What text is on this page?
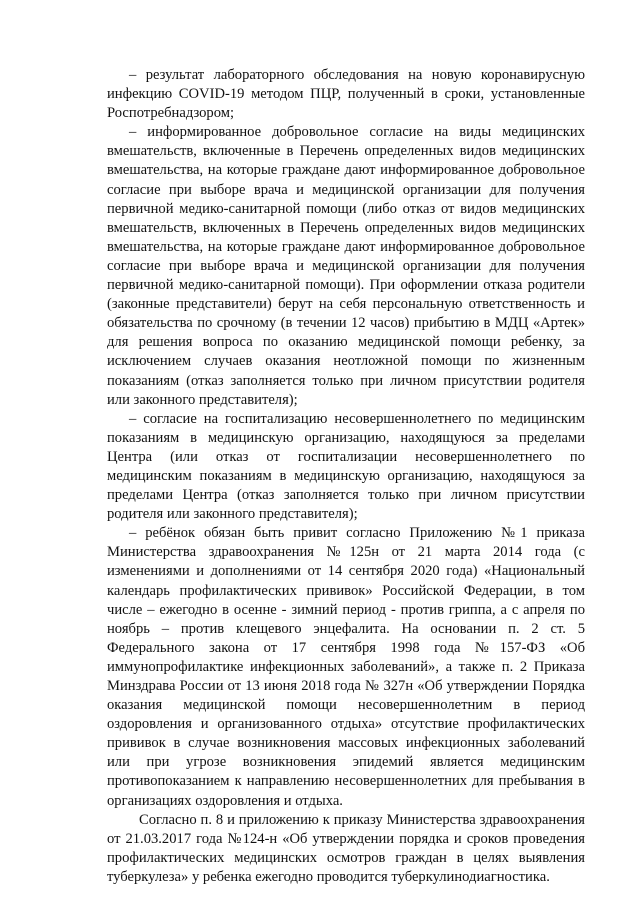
– результат лабораторного обследования на новую коронавирусную инфекцию COVID-19 методом ПЦР, полученный в сроки, установленные Роспотребнадзором;

– информированное добровольное согласие на виды медицинских вмешательств, включенные в Перечень определенных видов медицинских вмешательства, на которые граждане дают информированное добровольное согласие при выборе врача и медицинской организации для получения первичной медико-санитарной помощи (либо отказ от видов медицинских вмешательств, включенных в Перечень определенных видов медицинских вмешательства, на которые граждане дают информированное добровольное согласие при выборе врача и медицинской организации для получения первичной медико-санитарной помощи). При оформлении отказа родители (законные представители) берут на себя персональную ответственность и обязательства по срочному (в течении 12 часов) прибытию в МДЦ «Артек» для решения вопроса по оказанию медицинской помощи ребенку, за исключением случаев оказания неотложной помощи по жизненным показаниям (отказ заполняется только при личном присутствии родителя или законного представителя);

– согласие на госпитализацию несовершеннолетнего по медицинским показаниям в медицинскую организацию, находящуюся за пределами Центра (или отказ от госпитализации несовершеннолетнего по медицинским показаниям в медицинскую организацию, находящуюся за пределами Центра (отказ заполняется только при личном присутствии родителя или законного представителя);

– ребёнок обязан быть привит согласно Приложению №1 приказа Министерства здравоохранения №125н от 21 марта 2014 года (с изменениями и дополнениями от 14 сентября 2020 года) «Национальный календарь профилактических прививок» Российской Федерации, в том числе – ежегодно в осенне - зимний период - против гриппа, а с апреля по ноябрь – против клещевого энцефалита. На основании п. 2 ст. 5 Федерального закона от 17 сентября 1998 года №157-ФЗ «Об иммунопрофилактике инфекционных заболеваний», а также п. 2 Приказа Минздрава России от 13 июня 2018 года № 327н «Об утверждении Порядка оказания медицинской помощи несовершеннолетним в период оздоровления и организованного отдыха» отсутствие профилактических прививок в случае возникновения массовых инфекционных заболеваний или при угрозе возникновения эпидемий является медицинским противопоказанием к направлению несовершеннолетних для пребывания в организациях оздоровления и отдыха.

Согласно п. 8 и приложению к приказу Министерства здравоохранения от 21.03.2017 года №124-н «Об утверждении порядка и сроков проведения профилактических медицинских осмотров граждан в целях выявления туберкулеза» у ребенка ежегодно проводится туберкулинодиагностика.
